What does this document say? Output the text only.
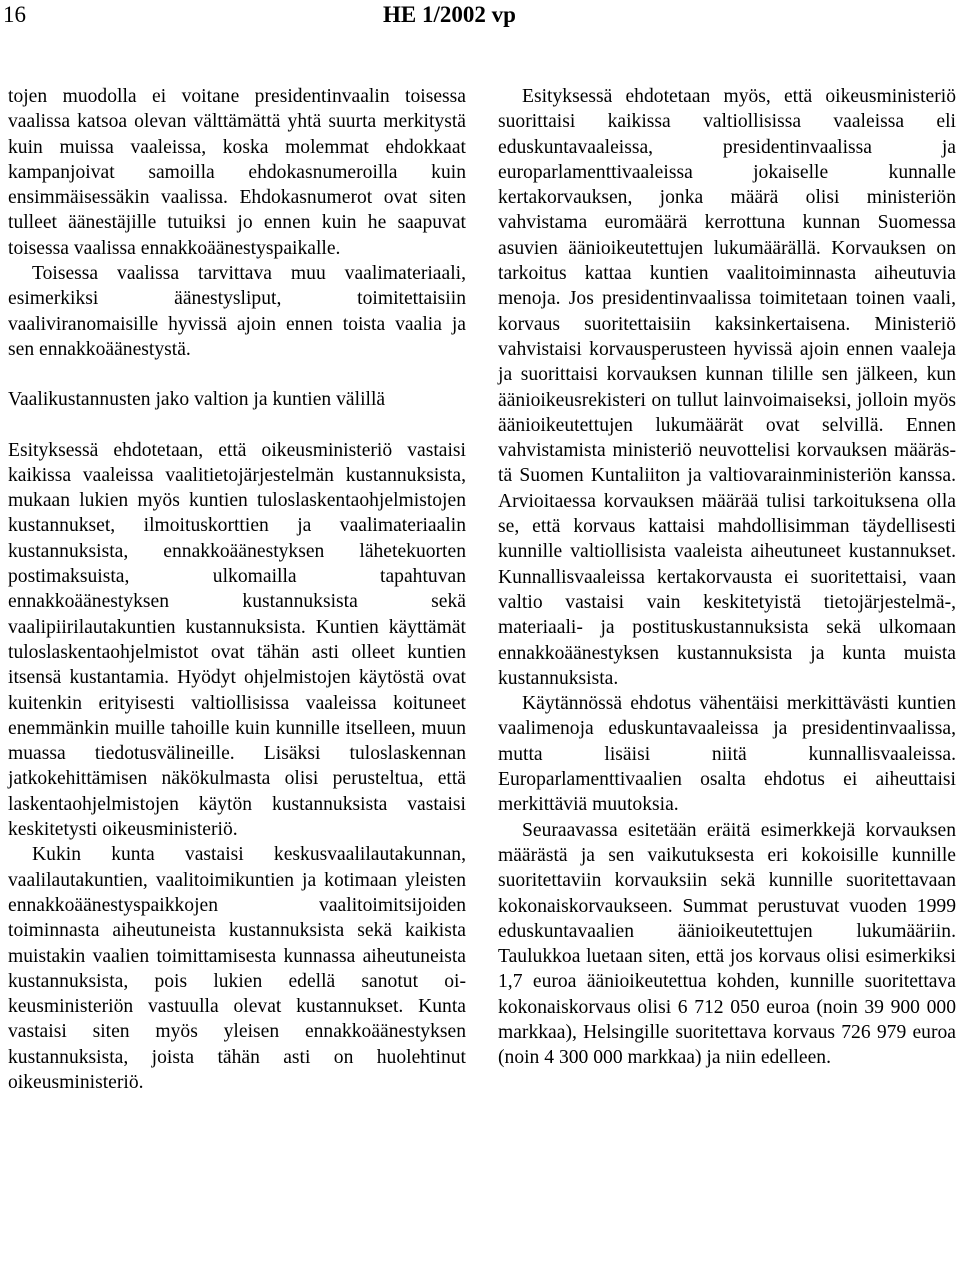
16	HE 1/2002 vp

tojen muodolla ei voitane presidentinvaalin toisessa vaalissa katsoa olevan välttämättä yhtä suurta merkitystä kuin muissa vaaleissa, koska molemmat ehdokkaat kampanjoivat samoilla ehdokasnumeroilla kuin ensimmäisessäkin vaalissa. Ehdokasnumerot ovat siten tulleet äänestäjille tutuiksi jo ennen kuin he saapuvat toisessa vaalissa ennakkoäänestyspaikalle.

Toisessa vaalissa tarvittava muu vaalimateriaali, esimerkiksi äänestysliput, toimitettaisiin vaaliviranomaisille hyvissä ajoin ennen toista vaalia ja sen ennakkoäänestystä.

Vaalikustannusten jako valtion ja kuntien välillä

Esityksessä ehdotetaan, että oikeusministeriö vastaisi kaikissa vaaleissa vaalitietojärjestelmän kustannuksista, mukaan lukien myös kuntien tuloslaskentaohjelmistojen kustannukset, ilmoituskorttien ja vaalimateriaalin kustannuksista, ennakkoäänestyksen lähetekuorten postimaksuista, ulkomailla tapahtuvan ennakkoäänestyksen kustannuksista sekä vaalipiirilautakuntien kustannuksista. Kuntien käyttämät tuloslaskentaohjelmistot ovat tähän asti olleet kuntien itsensä kustantamia. Hyödyt ohjelmistojen käytöstä ovat kuitenkin erityisesti valtiollisissa vaaleissa koituneet enemmänkin muille tahoille kuin kunnille itselleen, muun muassa tiedotusvälineille. Lisäksi tuloslaskennan jatkokehittämisen näkökulmasta olisi perusteltua, että laskentaohjelmistojen käytön kustannuksista vastaisi keskitetysti oikeusministeriö.

Kukin kunta vastaisi keskusvaalilautakunnan, vaalilautakuntien, vaalitoimikuntien ja kotimaan yleisten ennakkoäänestyspaikkojen vaalitoimitsijoiden toiminnasta aiheutuneista kustannuksista sekä kaikista muistakin vaalien toimittamisesta kunnassa aiheutuneista kustannuksista, pois lukien edellä sanotut oikeusministeriön vastuulla olevat kustannukset. Kunta vastaisi siten myös yleisen ennakkoäänestyksen kustannuksista, joista tähän asti on huolehtinut oikeusministeriö.

Esityksessä ehdotetaan myös, että oikeusministeriö suorittaisi kaikissa valtiollisissa vaaleissa eli eduskuntavaaleissa, presidentinvaalissa ja europarlamenttivaaleissa jokaiselle kunnalle kertakorvauksen, jonka määrä olisi ministeriön vahvistama euromäärä kerrottuna kunnan Suomessa asuvien äänioikeutettujen lukumäärällä. Korvauksen on tarkoitus kattaa kuntien vaalitoiminnasta aiheutuvia menoja. Jos presidentinvaalissa toimitetaan toinen vaali, korvaus suoritettaisiin kaksinkertaisena. Ministeriö vahvistaisi korvausperusteen hyvissä ajoin ennen vaaleja ja suorittaisi korvauksen kunnan tilille sen jälkeen, kun äänioikeusrekisteri on tullut lainvoimaiseksi, jolloin myös äänioikeutettujen lukumäärät ovat selvillä. Ennen vahvistamista ministeriö neuvottelisi korvauksen määrästä Suomen Kuntaliiton ja valtiovarainministeriön kanssa. Arvioitaessa korvauksen määrää tulisi tarkoituksena olla se, että korvaus kattaisi mahdollisimman täydellisesti kunnille valtiollisista vaaleista aiheutuneet kustannukset. Kunnallisvaaleissa kertakorvausta ei suoritettaisi, vaan valtio vastaisi vain keskitetyistä tietojärjestelmä-, materiaali- ja postituskustannuksista sekä ulkomaan ennakkoäänestyksen kustannuksista ja kunta muista kustannuksista.

Käytännössä ehdotus vähentäisi merkittävästi kuntien vaalimenoja eduskuntavaaleissa ja presidentinvaalissa, mutta lisäisi niitä kunnallisvaaleissa. Europarlamenttivaalien osalta ehdotus ei aiheuttaisi merkittäviä muutoksia.

Seuraavassa esitetään eräitä esimerkkejä korvauksen määrästä ja sen vaikutuksesta eri kokoisille kunnille suoritettaviin korvauksiin sekä kunnille suoritettavaan kokonaiskorvaukseen. Summat perustuvat vuoden 1999 eduskuntavaalien äänioikeutettujen lukumääriin. Taulukkoa luetaan siten, että jos korvaus olisi esimerkiksi 1,7 euroa äänioikeutettua kohden, kunnille suoritettava kokonaiskorvaus olisi 6 712 050 euroa (noin 39 900 000 markkaa), Helsingille suoritettava korvaus 726 979 euroa (noin 4 300 000 markkaa) ja niin edelleen.
